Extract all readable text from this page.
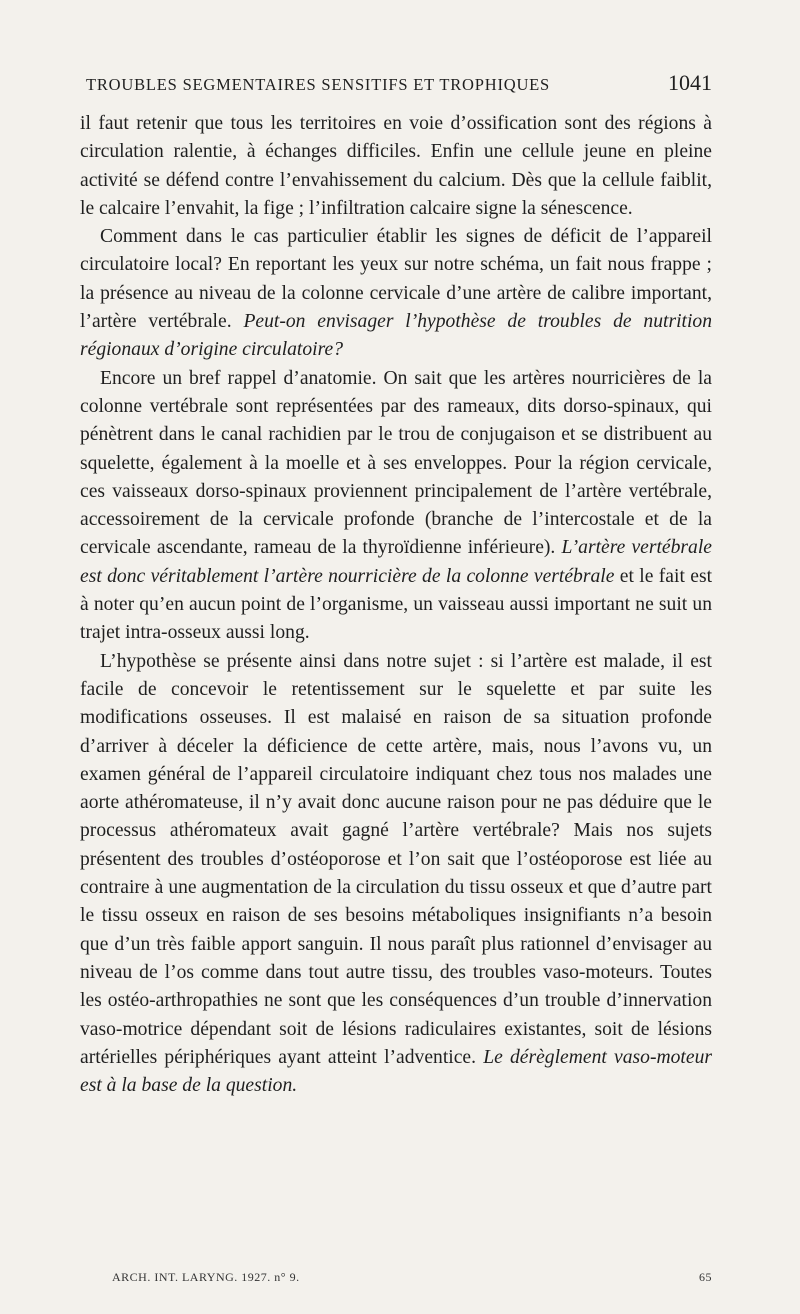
TROUBLES SEGMENTAIRES SENSITIFS ET TROPHIQUES	1041

il faut retenir que tous les territoires en voie d’ossification sont des régions à circulation ralentie, à échanges difficiles. Enfin une cellule jeune en pleine activité se défend contre l’envahissement du calcium. Dès que la cellule faiblit, le calcaire l’envahit, la fige ; l’infiltration calcaire signe la sénescence.

Comment dans le cas particulier établir les signes de déficit de l’appareil circulatoire local? En reportant les yeux sur notre schéma, un fait nous frappe ; la présence au niveau de la colonne cervicale d’une artère de calibre important, l’artère vertébrale. Peut-on envisager l’hypothèse de troubles de nutrition régionaux d’origine circulatoire?

Encore un bref rappel d’anatomie. On sait que les artères nourricières de la colonne vertébrale sont représentées par des rameaux, dits dorso-spinaux, qui pénètrent dans le canal rachidien par le trou de conjugaison et se distribuent au squelette, également à la moelle et à ses enveloppes. Pour la région cervicale, ces vaisseaux dorso-spinaux proviennent principalement de l’artère vertébrale, accessoirement de la cervicale profonde (branche de l’intercostale et de la cervicale ascendante, rameau de la thyroïdienne inférieure). L’artère vertébrale est donc véritablement l’artère nourricière de la colonne vertébrale et le fait est à noter qu’en aucun point de l’organisme, un vaisseau aussi important ne suit un trajet intra-osseux aussi long.

L’hypothèse se présente ainsi dans notre sujet : si l’artère est malade, il est facile de concevoir le retentissement sur le squelette et par suite les modifications osseuses. Il est malaisé en raison de sa situation profonde d’arriver à déceler la déficience de cette artère, mais, nous l’avons vu, un examen général de l’appareil circulatoire indiquant chez tous nos malades une aorte athéromateuse, il n’y avait donc aucune raison pour ne pas déduire que le processus athéromateux avait gagné l’artère vertébrale? Mais nos sujets présentent des troubles d’ostéoporose et l’on sait que l’ostéoporose est liée au contraire à une augmentation de la circulation du tissu osseux et que d’autre part le tissu osseux en raison de ses besoins métaboliques insignifiants n’a besoin que d’un très faible apport sanguin. Il nous paraît plus rationnel d’envisager au niveau de l’os comme dans tout autre tissu, des troubles vaso-moteurs. Toutes les ostéo-arthropathies ne sont que les conséquences d’un trouble d’innervation vaso-motrice dépendant soit de lésions radiculaires existantes, soit de lésions artérielles périphériques ayant atteint l’adventice. Le dérèglement vaso-moteur est à la base de la question.

ARCH. INT. LARYNG. 1927. n° 9.	65
